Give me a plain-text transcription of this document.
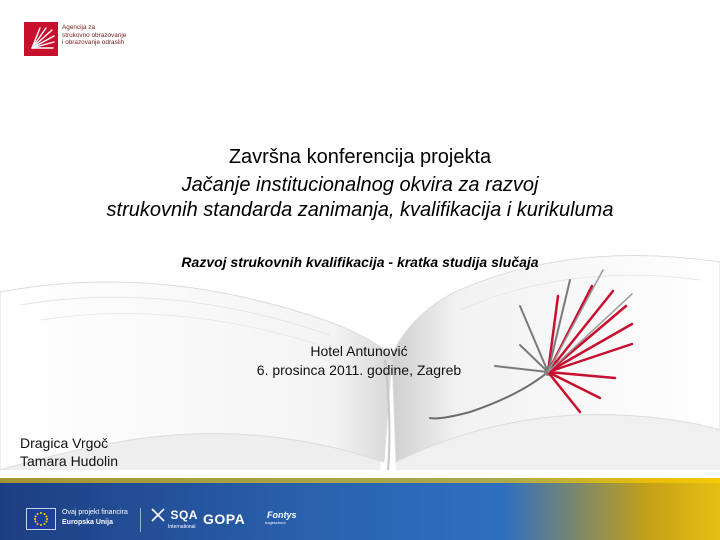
Agencija za
strukovno obrazovanje
i obrazovanje odraslih
Završna konferencija projekta
Jačanje institucionalnog okvira za razvoj
strukovnih standarda zanimanja, kvalifikacija i kurikuluma
Razvoj strukovnih kvalifikacija - kratka studija slučaja
Hotel Antunović
6. prosinca 2011. godine, Zagreb
Dragica Vrgoč
Tamara Hudolin
Ovaj projekt financira
Europska Unija
SQA
International GOPA Fontys
hogeschool
